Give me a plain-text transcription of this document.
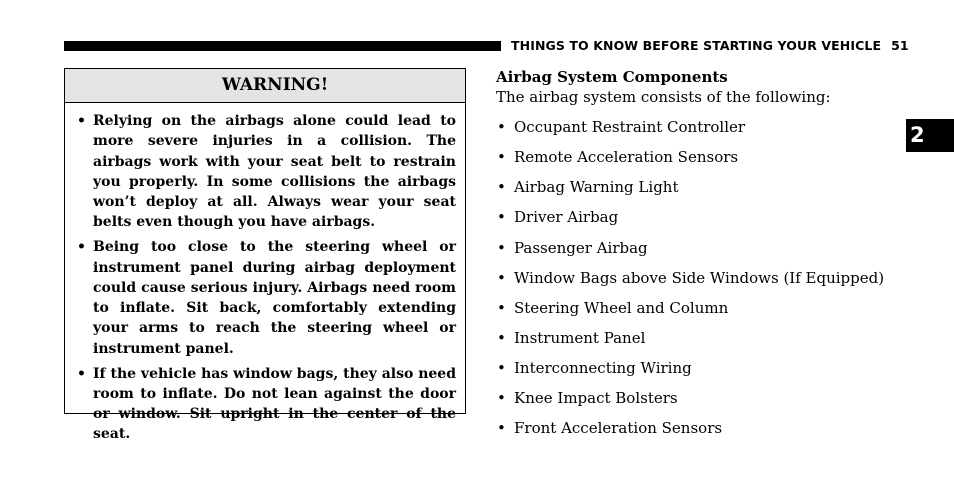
THINGS TO KNOW BEFORE STARTING YOUR VEHICLE 51
2
WARNING!
• Relying on the airbags alone could lead to more severe injuries in a collision. The airbags work with your seat belt to restrain you properly. In some collisions the airbags won’t deploy at all. Always wear your seat belts even though you have airbags.
• Being too close to the steering wheel or instrument panel during airbag deployment could cause serious injury. Airbags need room to inflate. Sit back, comfortably extending your arms to reach the steering wheel or instrument panel.
• If the vehicle has window bags, they also need room to inflate. Do not lean against the door or window. Sit upright in the center of the seat.
Airbag System Components
The airbag system consists of the following:
• Occupant Restraint Controller
• Remote Acceleration Sensors
• Airbag Warning Light
• Driver Airbag
• Passenger Airbag
• Window Bags above Side Windows (If Equipped)
• Steering Wheel and Column
• Instrument Panel
• Interconnecting Wiring
• Knee Impact Bolsters
• Front Acceleration Sensors
